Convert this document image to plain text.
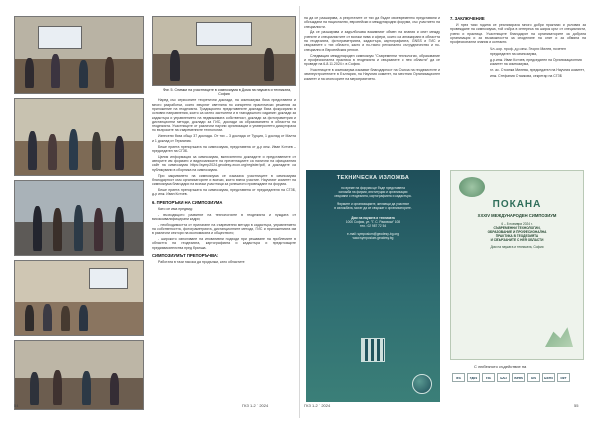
Фиг. 5. Снимки на участниците в симпозиума в Дома на науката и техниката, София

Наред със сериозните теоретични доклади, на симпозиума бяха представени и много разработки, които хвърлят светлина по конкретни практически решения за приложение на геодезията. Традиционно представените доклади бяха фокусирани в основни направления, които са силно застъпени и в тазгодишното издание: доклади за кадастъра и управлението на недвижимата собственост, доклади за фотограметрия и дистанционни методи, доклади за ГИС, доклади за образованието в областта на геодезията. Участниците от различни научни организации и университети дискутираха по въпросите на съвременните технологии.

Изнесени бяха общо 37 доклада. От тях – 3 доклада от Турция, 1 доклад от Малта и 1 доклад от Германия.

Беше приета препоръката на симпозиума, представена от д-р инж. Иван Котчев – председател на СГЗБ.

Целия информация за симпозиума, включително докладите и представените от авторите им формати и видеозаписите на презентациите са налични на официалния сайт на симпозиума https://symp2024.geodesy-econ.org/register/pdf, а докладите са публикувани в сборника на симпозиума.

При закриването на симпозиума се изказаха участниците в симпозиума благодарност към организаторите и всички, които взеха участие. Научният комитет на симпозиума благодари на всички участници за успешното провеждане на форума.

Беше приета препоръката на симпозиума, представена от председателя на СГЗБ, д-р инж. Иван Котчев.

6. ПРЕПОРЪКИ НА СИМПОЗИУМА

Като се има предвид:

- възходящото развитие на технологиите в геодезията и нуждата от висококвалифицирани кадри;

- необходимостта от прилагане на съвременни методи в кадастъра, управлението на собствеността, фотограметрията, дистанционните методи, ГИС и приложенията им в различни сектори на икономиката и обществото;

- широкото използване на иновативни подходи при решаване на проблемите в областта на геодезията, картографията и кадастъра и предстоящите предизвикателства пред бранша.

СИМПОЗИУМЪТ ПРЕПОРЪЧВА:

Работата в тази насока да продължи, като областите

54	ГКЗ 1-2 ` 2024

на да се разширява, а резултатите от тях да бъдат своевременно представяни и обсъждани на национални, европейски и международни форуми, със участието на специалисти.

Да се разширява и задълбочава взаимният обмен на знания и опит между учените и специалистите от всички нива и сфери, които са ангажирани в областта на геодезията, фотограметрията, кадастъра, картографията, GNSS и ГИС и свързаните с тях области, както и по-тясно регионално сътрудничество и по-специално в Европейския регион.

Следващия международен симпозиум "Съвременни технологии, образование и професионална практика в геодезията и свързаните с нея области" да се проведе на 6-8.11.2024 г. в София.

Участниците в симпозиума изказват благодарност на Съюза на геодезистите и землеустроителите в България, на Научния комитет, на местния Организационен комитет и на спонсорите на мероприятието.

7. ЗАКЛЮЧЕНИЕ

И през тази година се реализираха много добри практики и условия за провеждане на симпозиума, той събра в интереса на широк кръг от специалисти, учени и практици. Участниците благодарят на организаторите за добрата организация и за възможността за споделяне на опит и за обмяна на професионални знания и контакти.

Чл.-кор. проф. д.р.инж. Георги Милев, почетен председател на симпозиума,

д.р.инж. Иван Котчев, председател на Организационния комитет на симпозиума,

гл. ас. Стоянка Милева, председател на Научния комитет,

инж. Стефания Стаикова, секретар на СГЗБ

ТЕХНИЧЕСКА ИЗЛОЖБА
по време на форума ще бъде представена
изложба на фирми, институции и организации
свързани с геодезията, картографията и кадастъра.
Фирмите и организациите, желаещи да участват
в изложбата, могат да се свържат с организаторите.
Дом на науката и техниката
1000 София, ул. "Г. С. Раковски" 108
тел.: 02 987 72 54
e-mail: symposium@geodesy-bg.org
www.symposium.geodesy.bg
ПОКАНА
XXXIV МЕЖДУНАРОДЕН СИМПОЗИУМ
6 – 8 ноември 2024 г.
СЪВРЕМЕННИ ТЕХНОЛОГИИ,
ОБРАЗОВАНИЕ И ПРОФЕСИОНАЛНА
ПРАКТИКА В ГЕОДЕЗИЯТА
И СВЪРЗАНИТЕ С НЕЯ ОБЛАСТИ
Дом на науката и техниката, София
С любезното съдействие на
ІFG	ГДКЗ	FIG	БАН	ISPRS	GIS	БФПЗ	ИКТ
ГКЗ 1-2 ` 2024	55
